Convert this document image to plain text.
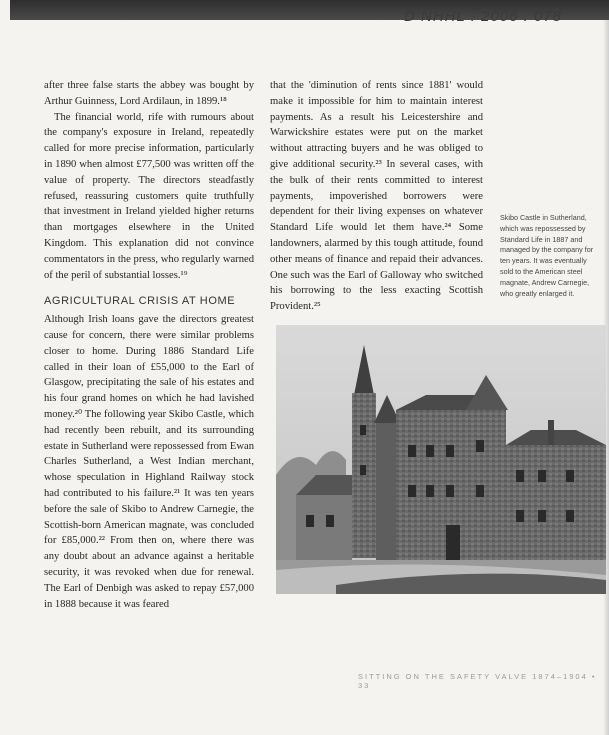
D NHHL : 2006 . 078

after three false starts the abbey was bought by Arthur Guinness, Lord Ardilaun, in 1899.¹⁸

The financial world, rife with rumours about the company's exposure in Ireland, repeatedly called for more precise information, particularly in 1890 when almost £77,500 was written off the value of property. The directors steadfastly refused, reassuring customers quite truthfully that investment in Ireland yielded higher returns than mortgages elsewhere in the United Kingdom. This explanation did not convince commentators in the press, who regularly warned of the peril of substantial losses.¹⁹

AGRICULTURAL CRISIS AT HOME

Although Irish loans gave the directors greatest cause for concern, there were similar problems closer to home. During 1886 Standard Life called in their loan of £55,000 to the Earl of Glasgow, precipitating the sale of his estates and his four grand homes on which he had lavished money.²⁰ The following year Skibo Castle, which had recently been rebuilt, and its surrounding estate in Sutherland were repossessed from Ewan Charles Sutherland, a West Indian merchant, whose speculation in Highland Railway stock had contributed to his failure.²¹ It was ten years before the sale of Skibo to Andrew Carnegie, the Scottish-born American magnate, was concluded for £85,000.²² From then on, where there was any doubt about an advance against a heritable security, it was revoked when due for renewal. The Earl of Denbigh was asked to repay £57,000 in 1888 because it was feared

that the 'diminution of rents since 1881' would make it impossible for him to maintain interest payments. As a result his Leicestershire and Warwickshire estates were put on the market without attracting buyers and he was obliged to give additional security.²³ In several cases, with the bulk of their rents committed to interest payments, impoverished borrowers were dependent for their living expenses on whatever Standard Life would let them have.²⁴ Some landowners, alarmed by this tough attitude, found other means of finance and repaid their advances. One such was the Earl of Galloway who switched his borrowing to the less exacting Scottish Provident.²⁵

Skibo Castle in Sutherland, which was repossessed by Standard Life in 1887 and managed by the company for ten years. It was eventually sold to the American steel magnate, Andrew Carnegie, who greatly enlarged it.
SITTING ON THE SAFETY VALVE 1874–1904 • 33
